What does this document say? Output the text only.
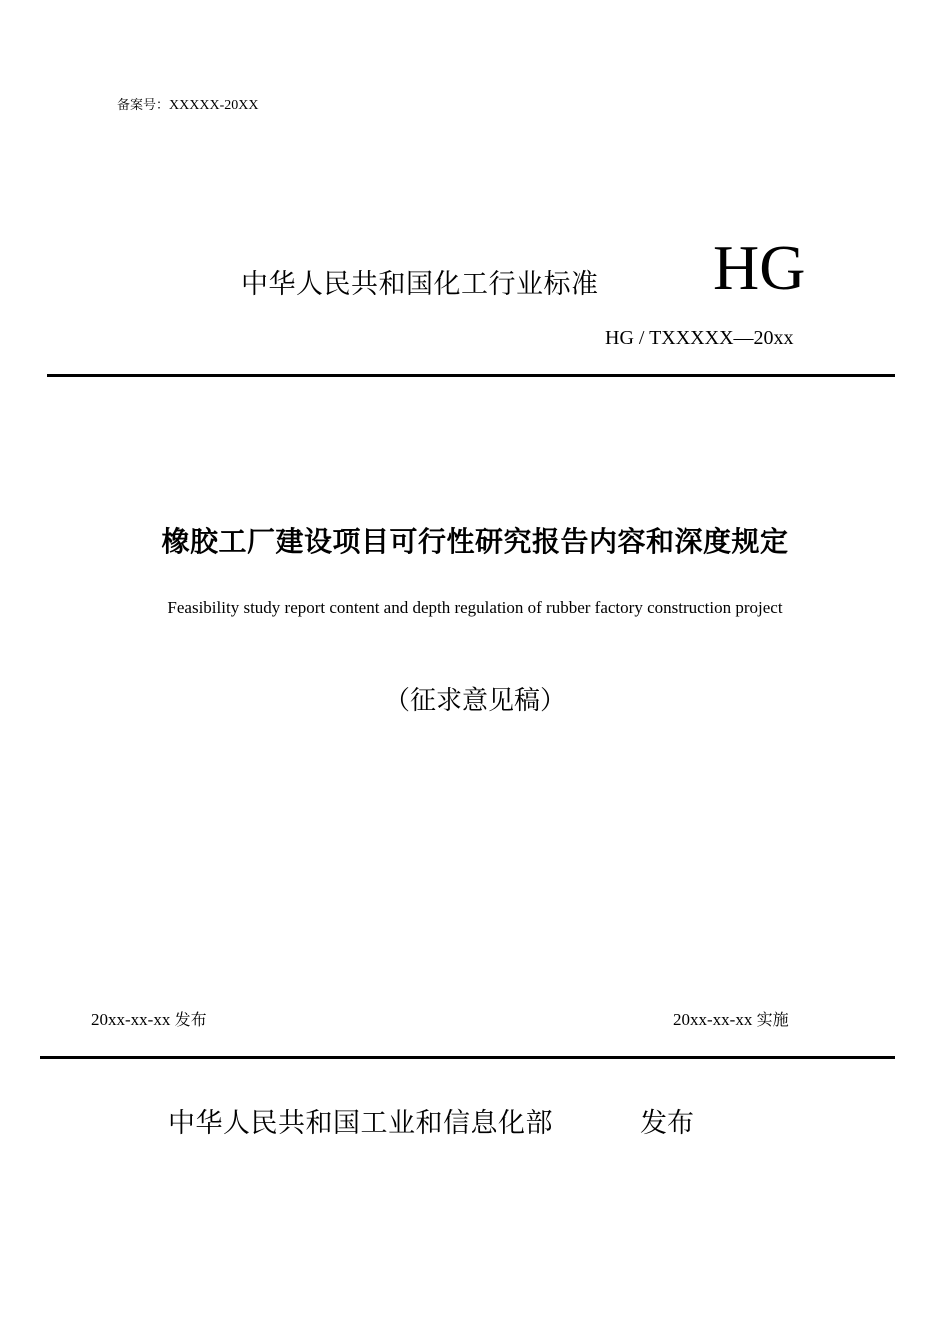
备案号：XXXXX-20XX
中华人民共和国化工行业标准 HG
HG / TXXXXX—20xx
橡胶工厂建设项目可行性研究报告内容和深度规定
Feasibility study report content and depth regulation of rubber factory construction project
（征求意见稿）
20xx-xx-xx 发布	20xx-xx-xx 实施
中华人民共和国工业和信息化部	发布
